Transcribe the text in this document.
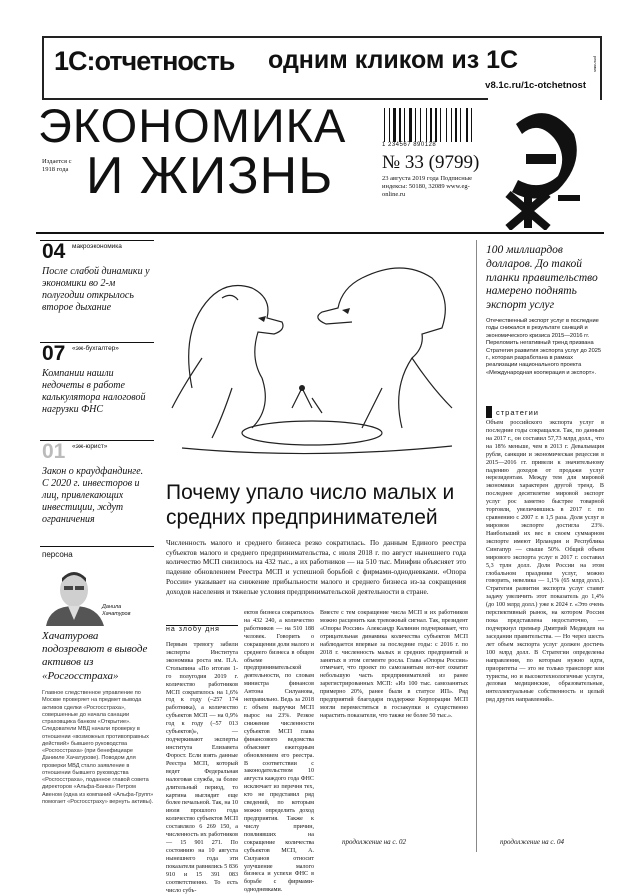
1С:отчетность одним кликом из 1С
v8.1c.ru/1c-otchetnost
реклама
ЭКОНОМИКА
И ЖИЗНЬ
Издается с 1918 года
1 234567 890128
№ 33 (9799)
23 августа 2019 года Подписные индексы: 50180, 32089 www.eg-online.ru
04 макроэкономика
После слабой динамики у экономики во 2-м полугодии открылось второе дыхание
07 «эж-бухгалтер»
Компании нашли недочеты в работе калькулятора налоговой нагрузки ФНС
01 «эж-юрист»
Закон о краудфандинге. С 2020 г. инвесторов и лиц, привлекающих инвестиции, ждут ограничения
персона
Данила Хачатуров
Хачатурова подозревают в выводе активов из «Росгосстраха»
Главное следственное управление по Москве проверяет на предмет вывода активов сделки «Росгосстраха», совершенные до начала санации страховщика банком «Открытие». Следователи МВД начали проверку в отношении «возможных противоправных действий» бывшего руководства «Росгосстраха» (при бенефициаре Данииле Хачатурове). Поводом для проверки МВД стало заявление в отношении бывшего руководства «Росгосстраха», поданное главой совета директоров «Альфа-Банка» Петром Авеном (одна из компаний «Альфа-Групп» помогает «Росгосстраху» вернуть активы).
Почему упало число малых и средних предпринимателей
Численность малого и среднего бизнеса резко сократилась. По данным Единого реестра субъектов малого и среднего предпринимательства, с июля 2018 г. по август нынешнего года количество МСП снизилось на 432 тыс., а их работников — на 510 тыс. Минфин объясняет это падение обновлением Реестра МСП и успешной борьбой с фирмами-однодневками. «Опора России» указывает на снижение прибыльности малого и среднего бизнеса из-за сокращения доходов населения и тяжелые условия предпринимательской деятельности в стране.
на злобу дня
Первым тревогу забили эксперты Института экономика роста им. П.А. Столыпина «По итогам 1-го полугодия 2019 г. количество работников МСП сократилось на 1,6% год к году (–257 174 работника), а количество субъектов МСП — на 0,9% год к году (–57 013 субъектов)», — подчеркивают эксперты института Елизавета Форост. Если взять данные Реестра МСП, который ведет Федеральная налоговая служба, за более длительный период, то картина выглядит еще более печальной. Так, на 10 июля прошлого года количество субъектов МСП составляло 6 269 150, а численность их работников — 15 901 271. По состоянию на 10 августа нынешнего года эти показатели равнялись 5 836 910 и 15 391 083 соответственно. То есть число субъ-
ектов бизнеса сократилось на 432 240, а количество работников — на 510 188 человек. Говорить о сокращении доли малого и среднего бизнеса в общем объеме предпринимательской деятельности, по словам министра финансов Антона Силуанова, неправильно. Ведь за 2018 г. объем выручки МСП вырос на 23%. Резкое снижение численности субъектов МСП глава финансового ведомства объясняет ежегодным обновлением его реестра. В соответствии с законодательством 10 августа каждого года ФНС исключает из перечня тех, кто не представил ряд сведений, по которым можно определить доход предприятия. Также к числу причин, повлиявших на сокращение количества субъектов МСП, А. Силуанов относит улучшение малого бизнеса и успехи ФНС в борьбе с фирмами-однодневками.
Вместе с тем сокращение числа МСП и их работников можно расценить как тревожный сигнал. Так, президент «Опоры России» Александр Калинин подчеркивает, что отрицательная динамика количества субъектов МСП наблюдается впервые за последние годы: с 2016 г. по 2018 г. численность малых и средних предприятий и занятых в этом сегменте росла. Глава «Опоры России» отмечает, что проект по самозанятым вот-вот охватит небольшую часть предпринимателей из ранее зарегистрированных МСП: «Из 100 тыс. самозанятых примерно 20%, ранее были в статусе ИП». Ряд предприятий благодаря поддержке Корпорации МСП могли переместиться в госзакупки и существенно нарастить показатели, что также не более 50 тыс.».
продолжение на с. 02
100 миллиардов долларов. До такой планки правительство намерено поднять экспорт услуг
Отечественный экспорт услуг в последние годы снижался в результате санкций и экономического кризиса 2015—2016 гг. Переломить негативный тренд призвана Стратегия развития экспорта услуг до 2025 г., которая разработана в рамках реализации национального проекта «Международная кооперация и экспорт».
стратегии
Объем российского экспорта услуг в последние годы сокращался. Так, по данным на 2017 г., он составил 57,73 млрд долл., что на 18% меньше, чем в 2013 г. Девальвация рубля, санкции и экономическая рецессия в 2015—2016 гг. привели к значительному падению доходов от продажи услуг нерезидентам. Между тем для мировой экономики характерен другой тренд. В последнее десятилетие мировой экспорт услуг рос заметно быстрее товарной торговли, увеличившись в 2017 г. по сравнению с 2007 г. в 1,5 раза. Доля услуг в мировом экспорте достигла 23%. Наибольший их вес в своем суммарном экспорте имеют Ирландия и Республика Сингапур — свыше 50%. Общий объем мирового экспорта услуг в 2017 г. составил 5,3 трлн долл. Доля России на этом глобальном празднике услуг, можно говорить, невелика — 1,1% (65 млрд долл.). Стратегия развития экспорта услуг ставит задачу увеличить этот показатель до 1,4% (до 100 млрд долл.) уже к 2024 г. «Это очень перспективный рынок, на котором Россия пока представлена недостаточно, — подчеркнул премьер Дмитрий Медведев на заседании правительства. — Но через шесть лет объем экспорта услуг должен достичь 100 млрд долл. В Стратегии определены направления, по которым нужно идти, приоритеты — это не только транспорт или туристы, но и высокотехнологичные услуги, деловая медицинские, образовательные, интеллектуальные собственность и целый ряд других направлений».
продолжение на с. 04
